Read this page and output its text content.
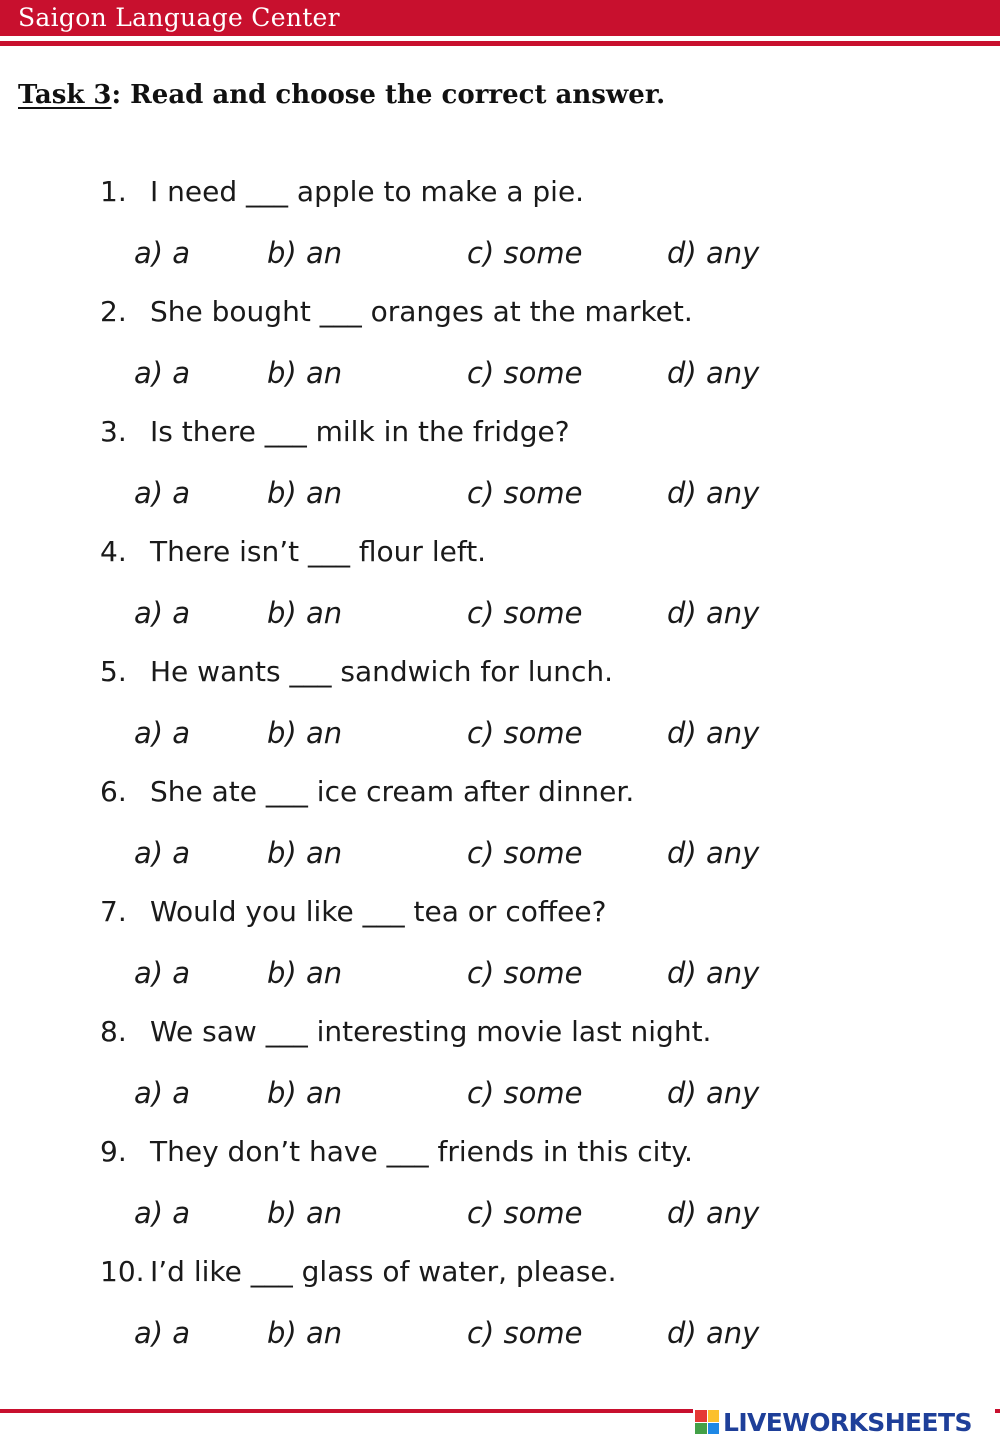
Saigon Language Center
Task 3: Read and choose the correct answer.
1. I need ___ apple to make a pie.
a) a	b) an	c) some	d) any
2. She bought ___ oranges at the market.
a) a	b) an	c) some	d) any
3. Is there ___ milk in the fridge?
a) a	b) an	c) some	d) any
4. There isn’t ___ flour left.
a) a	b) an	c) some	d) any
5. He wants ___ sandwich for lunch.
a) a	b) an	c) some	d) any
6. She ate ___ ice cream after dinner.
a) a	b) an	c) some	d) any
7. Would you like ___ tea or coffee?
a) a	b) an	c) some	d) any
8. We saw ___ interesting movie last night.
a) a	b) an	c) some	d) any
9. They don’t have ___ friends in this city.
a) a	b) an	c) some	d) any
10. I’d like ___ glass of water, please.
a) a	b) an	c) some	d) any
LIVEWORKSHEETS
